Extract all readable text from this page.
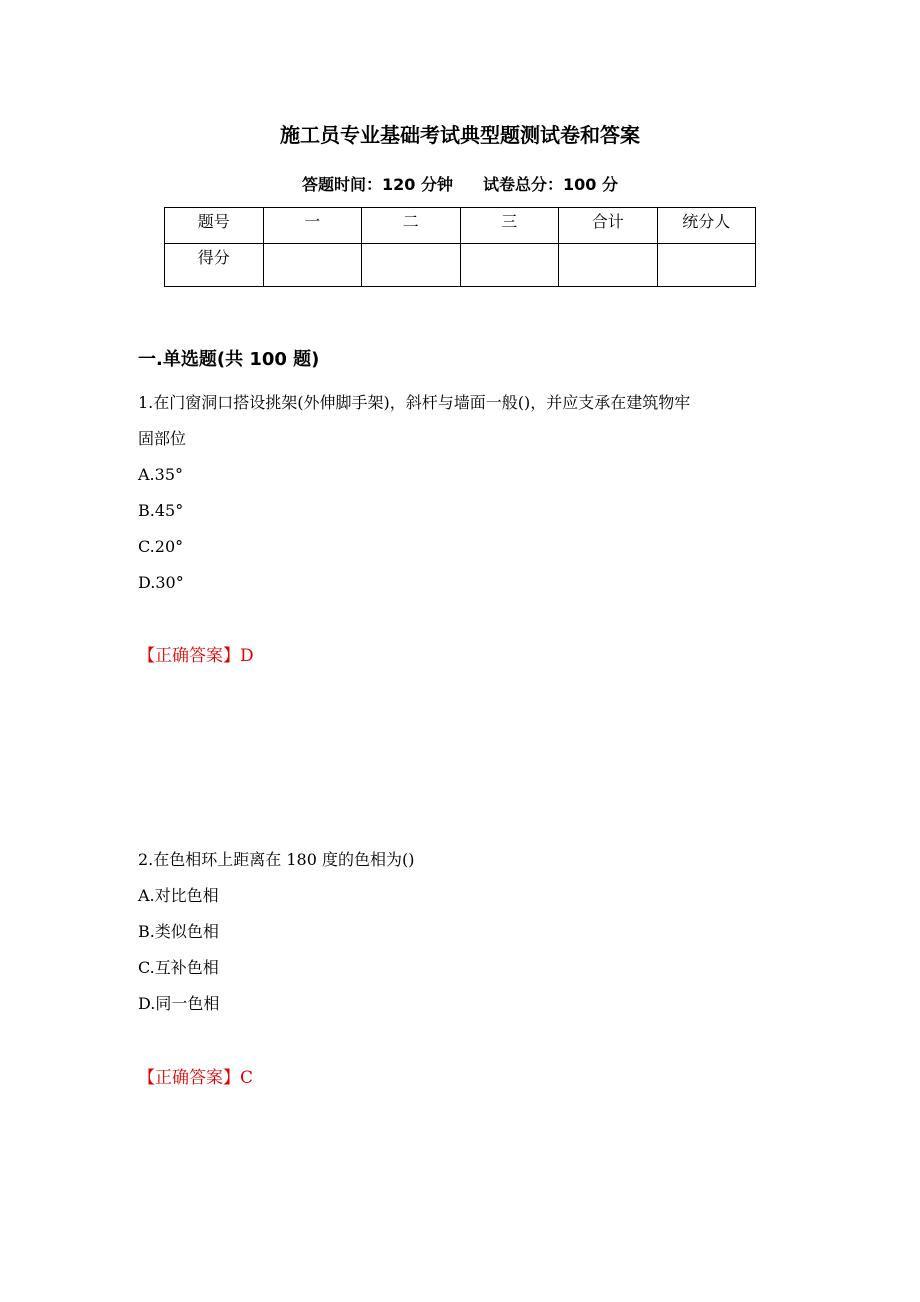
施工员专业基础考试典型题测试卷和答案
答题时间：120 分钟 试卷总分：100 分
题号	一	二	三	合计	统分人
得分					
一.单选题(共 100 题)
1.在门窗洞口搭设挑架(外伸脚手架)，斜杆与墙面一般()，并应支承在建筑物牢
固部位
A.35°
B.45°
C.20°
D.30°
【正确答案】D
2.在色相环上距离在 180 度的色相为()
A.对比色相
B.类似色相
C.互补色相
D.同一色相
【正确答案】C
